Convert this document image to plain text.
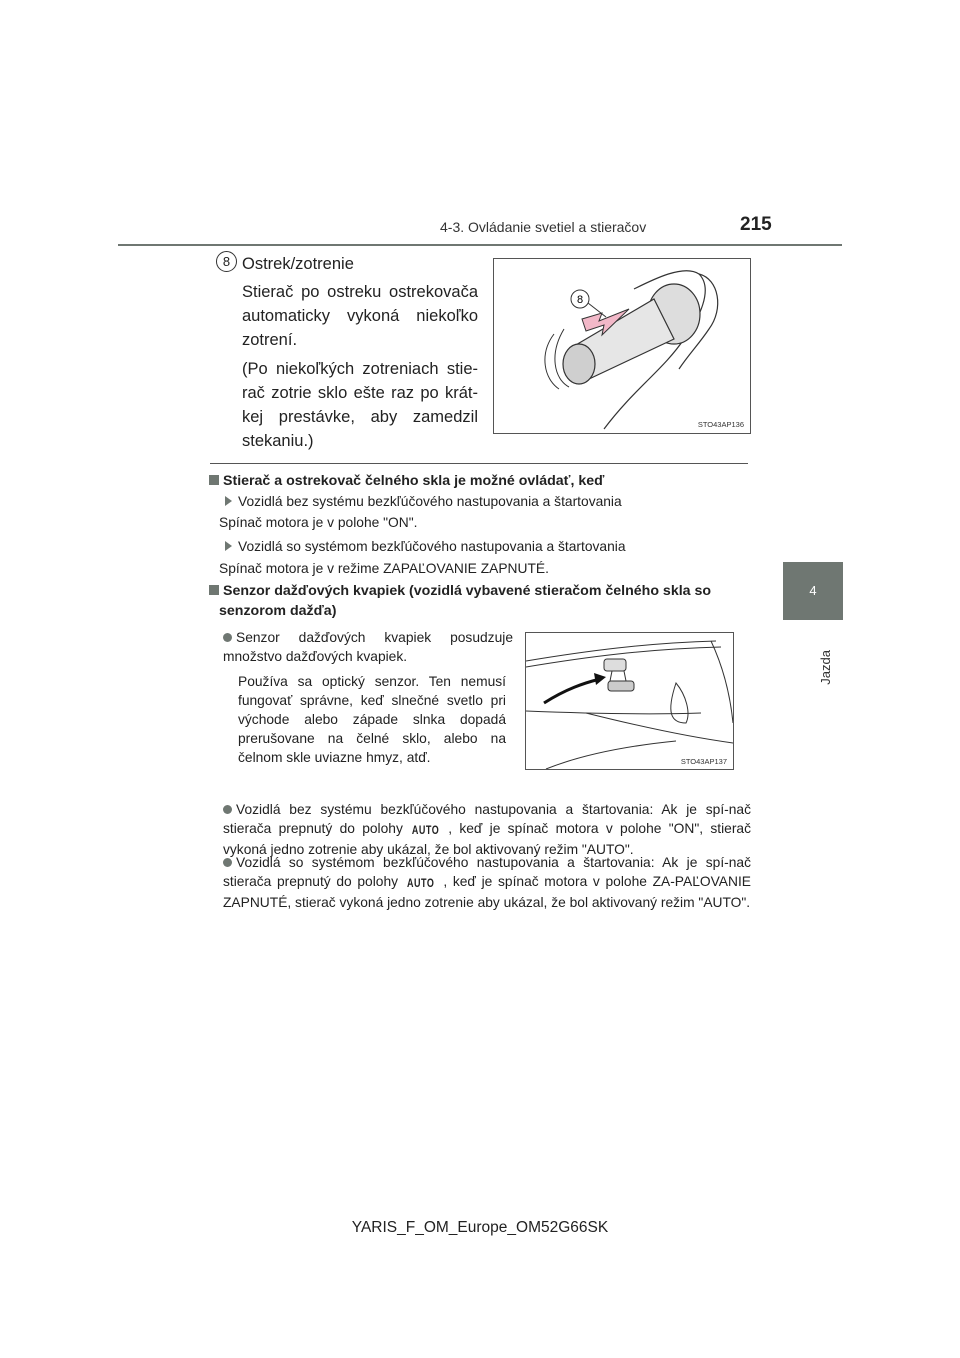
4-3. Ovládanie svetiel a stieračov	215
4
Jazda
8 Ostrek/zotrenie

Stierač po ostreku ostrekovača automaticky vykoná niekoľko zotrení.

(Po niekoľkých zotreniach stie-rač zotrie sklo ešte raz po krát-kej prestávke, aby zamedzil stekaniu.)

8
STO43AP136
Stierač a ostrekovač čelného skla je možné ovládať, keď
Vozidlá bez systému bezkľúčového nastupovania a štartovania
Spínač motora je v polohe "ON".
Vozidlá so systémom bezkľúčového nastupovania a štartovania
Spínač motora je v režime ZAPAĽOVANIE ZAPNUTÉ.
Senzor dažďových kvapiek (vozidlá vybavené stieračom čelného skla so
senzorom dažďa)
Senzor dažďových kvapiek posudzuje množstvo dažďových kvapiek.
Používa sa optický senzor. Ten nemusí fungovať správne, keď slnečné svetlo pri východe alebo západe slnka dopadá prerušovane na čelné sklo, alebo na čelnom skle uviazne hmyz, atď.	STO43AP137
Vozidlá bez systému bezkľúčového nastupovania a štartovania: Ak je spí-nač stierača prepnutý do polohy AUTO , keď je spínač motora v polohe "ON", stierač vykoná jedno zotrenie aby ukázal, že bol aktivovaný režim "AUTO".
Vozidlá so systémom bezkľúčového nastupovania a štartovania: Ak je spí-nač stierača prepnutý do polohy AUTO , keď je spínač motora v polohe ZA-PAĽOVANIE ZAPNUTÉ, stierač vykoná jedno zotrenie aby ukázal, že bol aktivovaný režim "AUTO".
YARIS_F_OM_Europe_OM52G66SK
